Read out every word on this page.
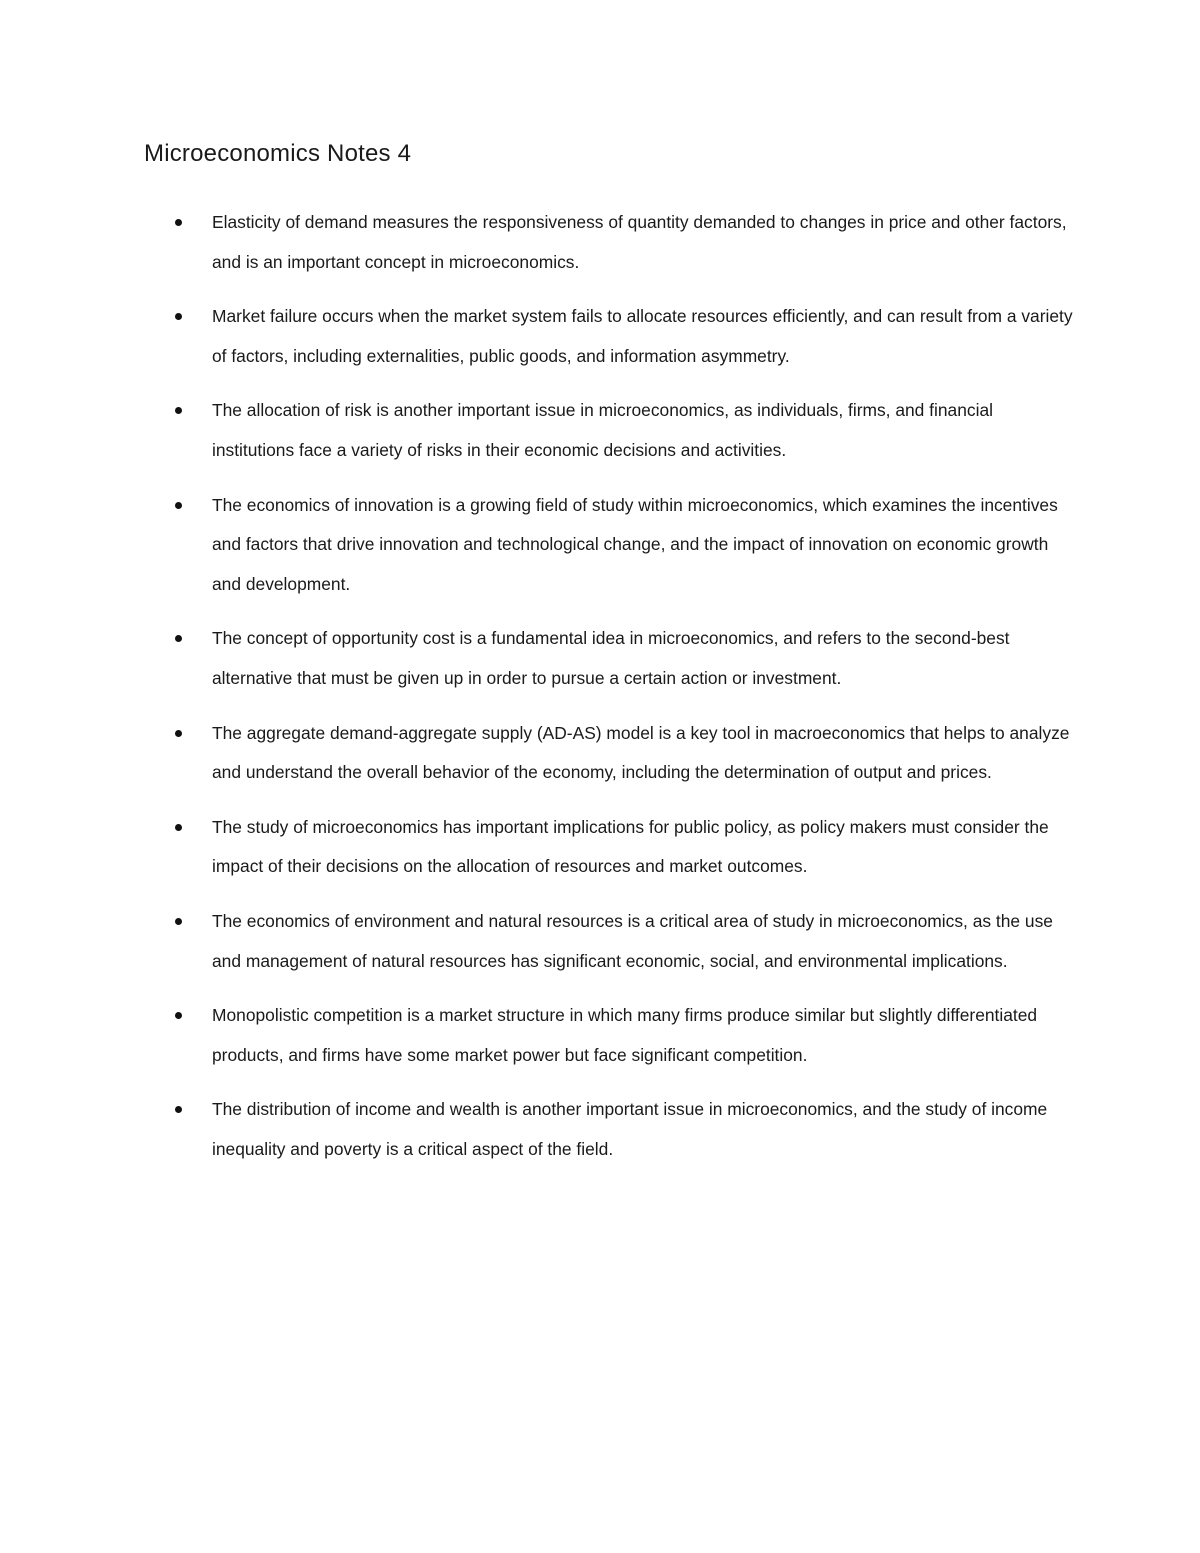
Microeconomics Notes 4
Elasticity of demand measures the responsiveness of quantity demanded to changes in price and other factors, and is an important concept in microeconomics.
Market failure occurs when the market system fails to allocate resources efficiently, and can result from a variety of factors, including externalities, public goods, and information asymmetry.
The allocation of risk is another important issue in microeconomics, as individuals, firms, and financial institutions face a variety of risks in their economic decisions and activities.
The economics of innovation is a growing field of study within microeconomics, which examines the incentives and factors that drive innovation and technological change, and the impact of innovation on economic growth and development.
The concept of opportunity cost is a fundamental idea in microeconomics, and refers to the second-best alternative that must be given up in order to pursue a certain action or investment.
The aggregate demand-aggregate supply (AD-AS) model is a key tool in macroeconomics that helps to analyze and understand the overall behavior of the economy, including the determination of output and prices.
The study of microeconomics has important implications for public policy, as policy makers must consider the impact of their decisions on the allocation of resources and market outcomes.
The economics of environment and natural resources is a critical area of study in microeconomics, as the use and management of natural resources has significant economic, social, and environmental implications.
Monopolistic competition is a market structure in which many firms produce similar but slightly differentiated products, and firms have some market power but face significant competition.
The distribution of income and wealth is another important issue in microeconomics, and the study of income inequality and poverty is a critical aspect of the field.
